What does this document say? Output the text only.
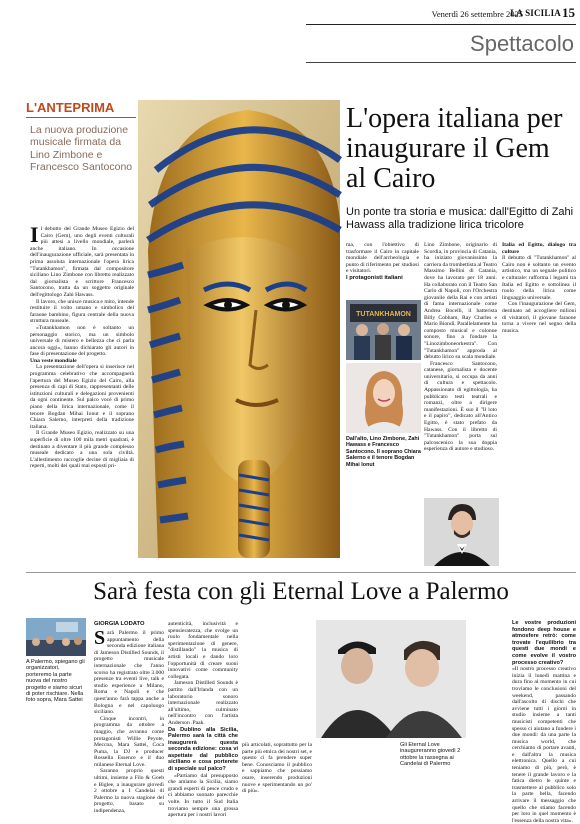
Venerdì 26 settembre 2025
LA SICILIA 15
Spettacolo
L'ANTEPRIMA
La nuova produzione musicale firmata da Lino Zimbone e Francesco Santocono
L'opera italiana per inaugurare il Gem al Cairo
Un ponte tra storia e musica: dall'Egitto di Zahi Hawass alla tradizione lirica tricolore
I l debutto del Grande Museo Egizio del Cairo (Gem), uno degli eventi culturali più attesi a livello mondiale, parlerà anche italiano. In occasione dell'inaugurazione ufficiale, sarà presentata in prima assoluta internazionale l'opera lirica "Tutankhamon", firmata dal compositore siciliano Lino Zimbone con libretto realizzato dal giornalista e scrittore Francesco Santocono, tratta da un soggetto originale dell'egittologo Zahi Hawass.

Il lavoro, che unisce musica e mito, intende restituire il volto umano e simbolico del faraone bambino, figura centrale della nuova struttura museale.

«Tutankhamon non è soltanto un personaggio storico, ma un simbolo universale di mistero e bellezza che ci parla ancora oggi», hanno dichiarato gli autori in fase di presentazione del progetto.

Una veste mondiale

La presentazione dell'opera si inserisce nel programma celebrativo che accompagnerà l'apertura del Museo Egizio del Cairo, alla presenza di capi di Stato, rappresentanti delle istituzioni culturali e delegazioni provenienti da ogni continente. Sul palco vocé di primo piano della lirica internazionale, come il tenore Bogdan Mihai Ionut e il soprano Chiara Salerno, interpreti della tradizione italiana.

Il Grande Museo Egizio, realizzato su una superficie di oltre 100 mila metri quadrati, è destinato a diventare il più grande complesso museale dedicato a una sola civiltà. L'allestimento raccoglie decine di migliaia di reperti, molti dei quali mai esposti pri-

ma, con l'obiettivo di trasformare il Cairo in capitale mondiale dell'archeologia e punto di riferimento per studiosi e visitatori.

I protagonisti italiani

TUTANKHAMON
Dall'alto, Lino Zimbone, Zahi Hawass e Francesco Santocono. Il soprano Chiara Salerno e il tenore Bogdan Mihai Ionut

Lino Zimbone, originario di Scordia, in provincia di Catania, ha iniziato giovanissimo la carriera da trombettista al Teatro Massimo Bellini di Catania, dove ha lavorato per 18 anni. Ha collaborato con il Teatro San Carlo di Napoli, con l'Orchestra giovanile della Rai e con artisti di fama internazionale come Andrea Bocelli, il batterista Billy Cobham, Ray Charles e Mario Biondi. Parallelamente ha composto musical e colonne sonore, fino a fondare la "Linozimboneorkestra". Con "Tutankhamon" approda al debutto lirico su scala mondiale.

Francesco Santocono, catanese, giornalista e docente universitario, si occupa da anni di cultura e spettacolo. Appassionato di egittologia, ha pubblicato testi teatrali e romanzi, oltre a dirigere manifestazioni. È suo il "Il loto e il papiro", dedicato all'Antico Egitto, è stato prefato da Hawass. Con il libretto di "Tutankhamon" porta sul palcoscenico la sua doppia esperienza di autore e studioso.

Italia ed Egitto, dialogo tra culture

Il debutto di "Tutankhamon" al Cairo non è soltanto un evento artistico, ma un segnale politico e culturale: rafforma i legami tra Italia ed Egitto e sottolinea il ruolo della lirica come linguaggio universale.

Con l'inaugurazione del Gem, destinato ad accogliere milioni di visitatori, il giovane faraone torna a vivere nel segno della musica.

Sarà festa con gli Eternal Love a Palermo
A Palermo, spiegano gli organizzatori, porteremo la parte nuova del nostro progetto e siamo sicuri di poter rischiare. Nella foto sopra, Mara Sattei
GIORGIA LODATO
S arà Palermo il primo appuntamento della seconda edizione italiana di Jameson Distilled Sounds, il progetto musicale internazionale che l'anno scorso ha registrato oltre 3.000 presenze tra eventi live, talk e studio esperience a Milano, Roma e Napoli e che quest'anno farà tappa anche a Bologna e nel capoluogo siciliano.

Cinque incontri, in programma da ottobre a maggio, che avranno come protagonisti Willie Peyote, Meccna, Mara Sattei, Coca Puma, la DJ e producer Rossella Essence e il duo milanese Eternal Love.

Saranno proprio questi ultimi, insieme a Filo & Goeb e Biglee, a inaugurare giovedì 2 ottobre a I Candelai di Palermo la nuova stagione del progetto, basato su indipendenza,

autenticità, inclusività e spensieratezza, che svolge un ruolo fondamentale nella sperimentazione di genere, "distillando" la musica di artisti locali e dando loro l'opportunità di creare suoni innovativi come community collegata.

Jameson Distilled Sounds è partito dall'Irlanda con un laboratorio sonoro internazionale realizzato all'ultimo, culminato nell'incontro con l'artista Anderson .Paak.

Da Dublino alla Sicilia, Palermo sarà la città che inaugurerà questa seconda edizione: cosa vi aspettate dal pubblico siciliano e cosa porterete di speciale sul palco?

«Partiamo dal presupposto che amiamo la Sicilia, siamo grandi esperti di pesce crudo e ci abbiamo suonato parecchie volte. In tutto il Sud Italia troviamo sempre una grossa apertura per i nostri lavori

più articolati, soprattutto per la parte più etnica dei nostri set, e questo ci fa prendere super bene. Conosciamo il pubblico e sappiamo che possiamo osare, inserendo produzioni nuove e sperimentando un po' di più».

Gli Eternal Love inaugureranno giovedì 2 ottobre la rassegna ai Candelai di Palermo

Le vostre produzioni fondono deep house e atmosfere retrò: come trovate l'equilibrio tra questi due mondi e come evolve il vostro processo creativo?

«Il nostro processo creativo inizia il lunedì mattina e dura fino al momento in cui troviamo le conclusioni del weekend, passando dall'ascolto di dischi che avviene tutti i giorni in studio insieme a tanti musicisti competenti che spesso ci aiutano a fondere i due mondi: da una parte la musica world, che cerchiamo di portare avanti, e dall'altra la musica elettronica. Quello a cui teniamo di più, però, è tenere il grande lavoro e la fatica dietro le quinte e trasmettere al pubblico solo la parte bella, facendo arrivare il messaggio che quello che stiamo facendo per loro in quel momento è l'essenza della nostra vita».
